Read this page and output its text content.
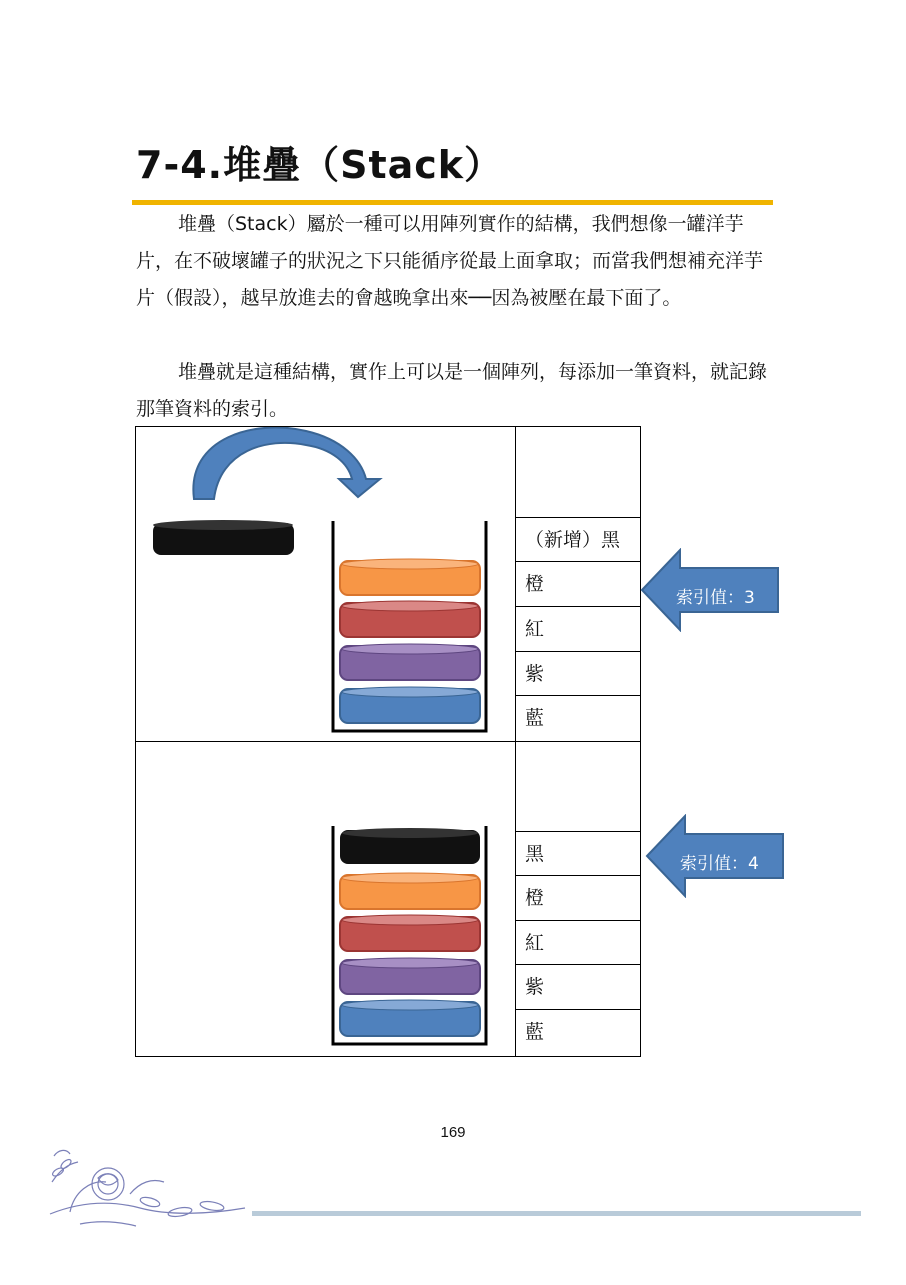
7-4.堆疊（Stack）

堆疊（Stack）屬於一種可以用陣列實作的結構，我們想像一罐洋芋片，在不破壞罐子的狀況之下只能循序從最上面拿取；而當我們想補充洋芋片（假設），越早放進去的會越晚拿出來──因為被壓在最下面了。

堆疊就是這種結構，實作上可以是一個陣列，每添加一筆資料，就記錄那筆資料的索引。

（新增）黑
橙
紅
紫
藍
黑
橙
紅
紫
藍
索引值：3
索引值：4
169
